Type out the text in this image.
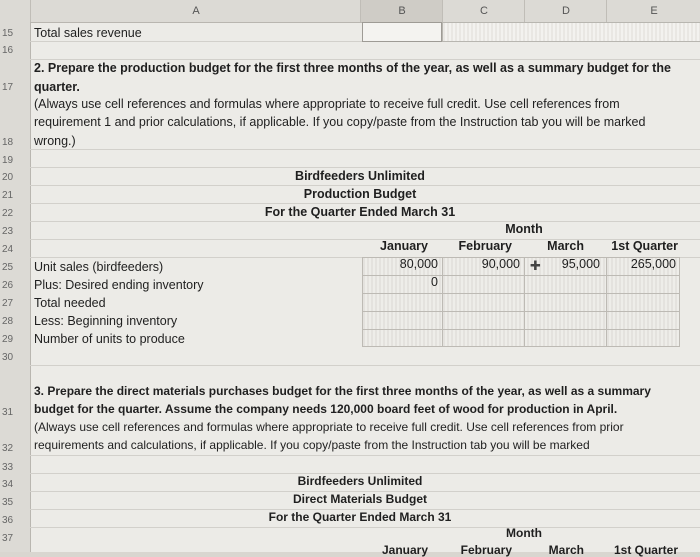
A	B	C	D	E
15
16
17
18
19
20
21
22
23
24
25
26
27
28
29
30
31
32
33
34
35
36
37
Total sales revenue
2. Prepare the production budget for the first three months of the year, as well as a summary budget for the
quarter.
(Always use cell references and formulas where appropriate to receive full credit. Use cell references from
requirement 1 and prior calculations, if applicable. If you copy/paste from the Instruction tab you will be marked
wrong.)
Birdfeeders Unlimited
Production Budget
For the Quarter Ended March 31
Month
January	February	March	1st Quarter
Unit sales (birdfeeders)	80,000	90,000	95,000	265,000
Plus: Desired ending inventory	0
Total needed
Less: Beginning inventory
Number of units to produce
✚
3. Prepare the direct materials purchases budget for the first three months of the year, as well as a summary
budget for the quarter. Assume the company needs 120,000 board feet of wood for production in April.
(Always use cell references and formulas where appropriate to receive full credit. Use cell references from prior
requirements and calculations, if applicable. If you copy/paste from the Instruction tab you will be marked
Birdfeeders Unlimited
Direct Materials Budget
For the Quarter Ended March 31
Month
January	February	March	1st Quarter
